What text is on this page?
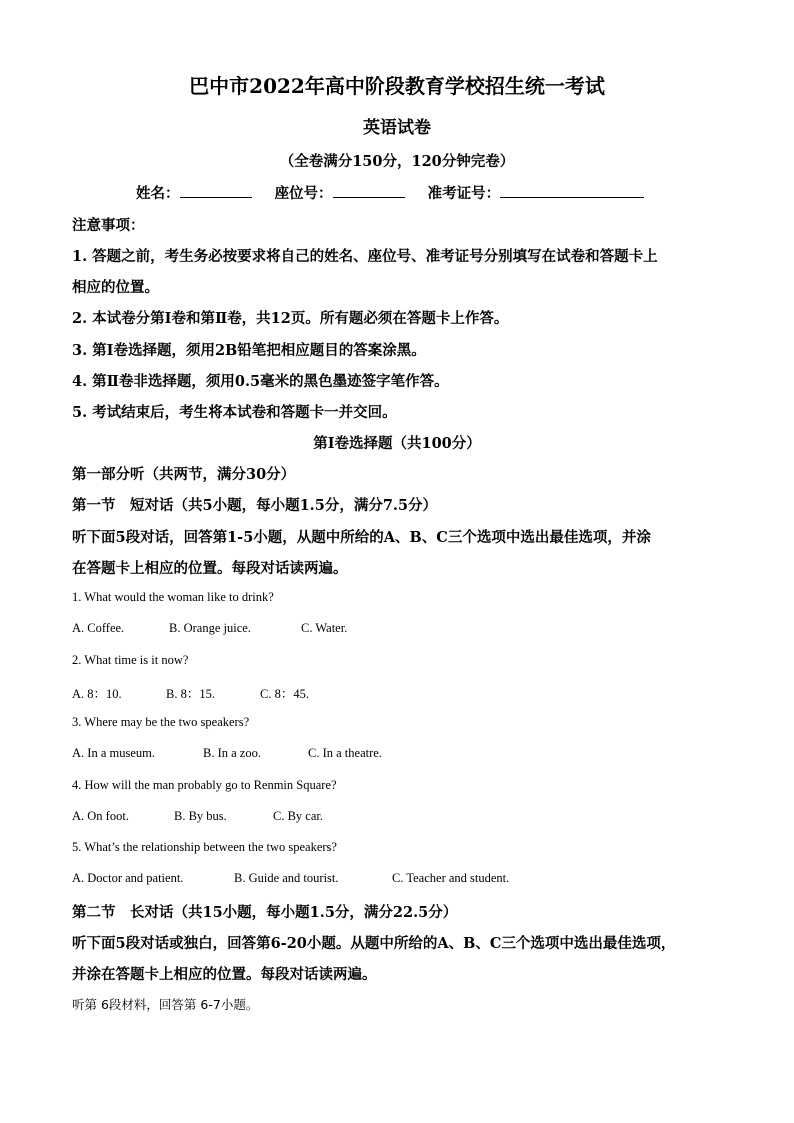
巴中市2022年高中阶段教育学校招生统一考试
英语试卷
（全卷满分150分，120分钟完卷）
姓名：	座位号：	准考证号：
注意事项：
1. 答题之前，考生务必按要求将自己的姓名、座位号、准考证号分别填写在试卷和答题卡上
相应的位置。
2. 本试卷分第Ⅰ卷和第Ⅱ卷，共12页。所有题必须在答题卡上作答。
3. 第Ⅰ卷选择题，须用2B铅笔把相应题目的答案涂黑。
4. 第Ⅱ卷非选择题，须用0.5毫米的黑色墨迹签字笔作答。
5. 考试结束后，考生将本试卷和答题卡一并交回。
第Ⅰ卷选择题（共100分）
第一部分听（共两节，满分30分）
第一节　短对话（共5小题，每小题1.5分，满分7.5分）
听下面5段对话，回答第1-5小题，从题中所给的A、B、C三个选项中选出最佳选项，并涂
在答题卡上相应的位置。每段对话读两遍。
1. What would the woman like to drink?
A. Coffee.	B. Orange juice.	C. Water.
2. What time is it now?
A. 8：10.	B. 8：15.	C. 8：45.
3. Where may be the two speakers?
A. In a museum.	B. In a zoo.	C. In a theatre.
4. How will the man probably go to Renmin Square?
A. On foot.	B. By bus.	C. By car.
5. What’s the relationship between the two speakers?
A. Doctor and patient.	B. Guide and tourist.	C. Teacher and student.
第二节　长对话（共15小题，每小题1.5分，满分22.5分）
听下面5段对话或独白，回答第6-20小题。从题中所给的A、B、C三个选项中选出最佳选项，
并涂在答题卡上相应的位置。每段对话读两遍。
听第 6段材料，回答第 6-7小题。
